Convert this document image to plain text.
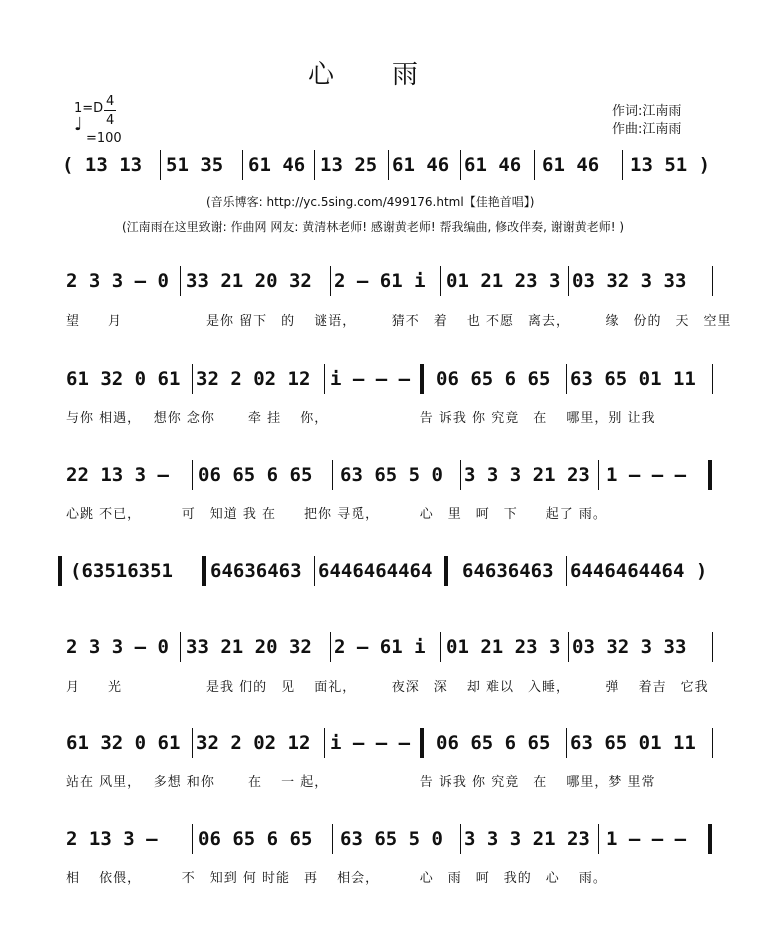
心　　雨
1=D 4
4
♩
=100
作词:江南雨
作曲:江南雨
(音乐博客: http://yc.5sing.com/499176.html【佳艳首唱】)
(江南雨在这里致谢: 作曲网 网友: 黄清林老师! 感谢黄老师! 帮我编曲, 修改伴奏, 谢谢黄老师! )
( 13 13	51 35	61 46 13 25 61 46 61 46	61 46	13 51 )
2 3 3 – 0 33 21 20 32	2 – 61 i	01 21 23 3 03 32 3 33
望　　月　　　　　　是你 留下　的　 谜语，　　　猜不　着　 也 不愿　离去，　　　缘　份的　天　空里
61 32 0 61 32 2 02 12	i – – –	06 65 6 65	63 65 01 11
与你 相遇，　 想你 念你　　 牵 挂　 你，　　　　　　　告 诉我 你 究竟　在　 哪里，别 让我
22 13 3 –	06 65 6 65	63 65 5 0	3 3 3 21 23 1 – – –
心跳 不已，　　　 可　知道 我 在　　把你 寻觅，　　　 心　里　呵　下　　起了 雨。
(63516351	64636463 6446464464	64636463 6446464464 )
2 3 3 – 0 33 21 20 32	2 – 61 i	01 21 23 3 03 32 3 33
月　　光　　　　　　是我 们的　见　 面礼，　　　夜深　深　 却 难以　入睡，　　　弹　 着吉　它我
61 32 0 61 32 2 02 12	i – – –	06 65 6 65	63 65 01 11
站在 风里，　 多想 和你　　 在　 一 起，　　　　　　　告 诉我 你 究竟　在　 哪里，梦 里常
2 13 3 –	06 65 6 65	63 65 5 0	3 3 3 21 23 1 – – –
相　 依偎，　　　 不　知到 何 时能　再　 相会，　　　 心　雨　呵　我的　心　 雨。
